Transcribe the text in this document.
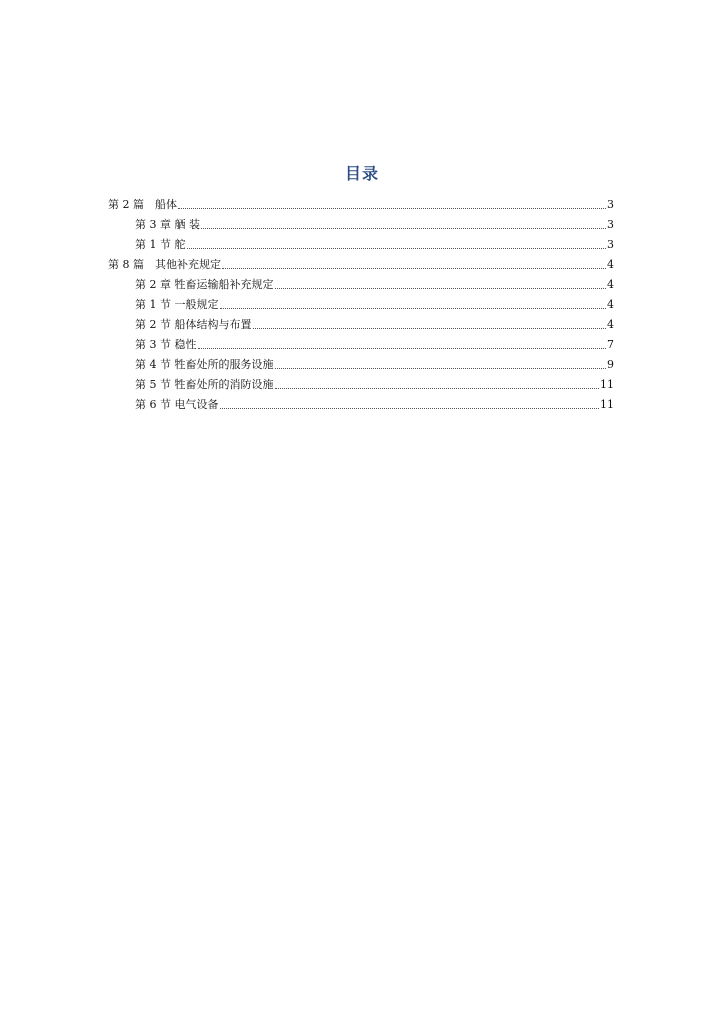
目录
第 2 篇　船体	3
第 3 章 舾 装	3
第 1 节 舵	3
第 8 篇　其他补充规定	4
第 2 章 牲畜运输船补充规定	4
第 1 节 一般规定	4
第 2 节 船体结构与布置	4
第 3 节 稳性	7
第 4 节 牲畜处所的服务设施	9
第 5 节 牲畜处所的消防设施	11
第 6 节 电气设备	11
